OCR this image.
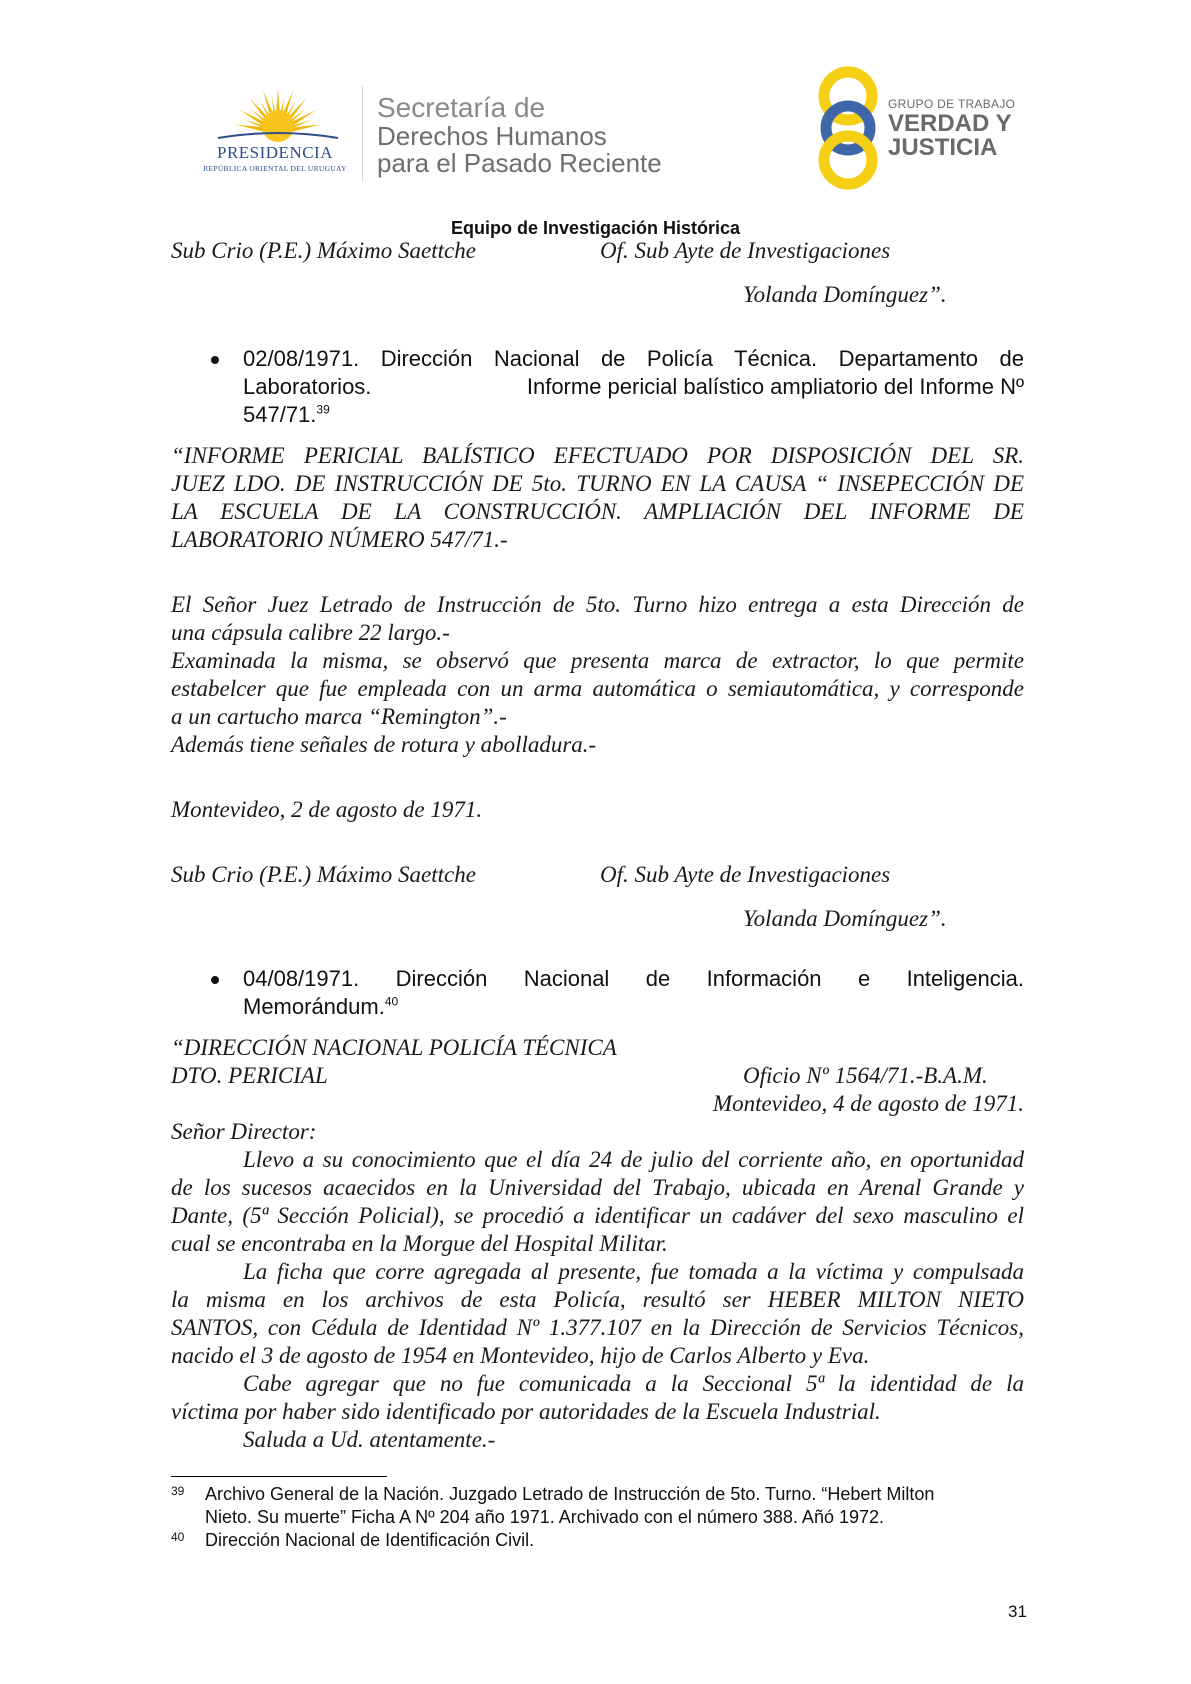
PRESIDENCIA
REPÚBLICA ORIENTAL DEL URUGUAY
Secretaría de
Derechos Humanos
para el Pasado Reciente
GRUPO DE TRABAJO
VERDAD Y
JUSTICIA
Equipo de Investigación Histórica
Sub Crio (P.E.) Máximo Saettche	Of. Sub Ayte de Investigaciones
Yolanda Domínguez”.
02/08/1971. Dirección Nacional de Policía Técnica. Departamento de
Laboratorios.	Informe pericial balístico ampliatorio del Informe Nº
547/71.39
“INFORME PERICIAL BALÍSTICO EFECTUADO POR DISPOSICIÓN DEL SR.
JUEZ LDO. DE INSTRUCCIÓN DE 5to. TURNO EN LA CAUSA “ INSEPECCIÓN DE
LA ESCUELA DE LA CONSTRUCCIÓN. AMPLIACIÓN DEL INFORME DE
LABORATORIO NÚMERO 547/71.-
El Señor Juez Letrado de Instrucción de 5to. Turno hizo entrega a esta Dirección de
una cápsula calibre 22 largo.-
Examinada la misma, se observó que presenta marca de extractor, lo que permite
estabelcer que fue empleada con un arma automática o semiautomática, y corresponde
a un cartucho marca “Remington”.-
Además tiene señales de rotura y abolladura.-
Montevideo, 2 de agosto de 1971.
Sub Crio (P.E.) Máximo Saettche	Of. Sub Ayte de Investigaciones
Yolanda Domínguez”.
04/08/1971. Dirección Nacional de Información e Inteligencia.
Memorándum.$^{40}$
“DIRECCIÓN NACIONAL POLICÍA TÉCNICA
DTO. PERICIAL	Oficio Nº 1564/71.-B.A.M.
Montevideo, 4 de agosto de 1971.
Señor Director:
Llevo a su conocimiento que el día 24 de julio del corriente año, en oportunidad
de los sucesos acaecidos en la Universidad del Trabajo, ubicada en Arenal Grande y
Dante, (5ª Sección Policial), se procedió a identificar un cadáver del sexo masculino el
cual se encontraba en la Morgue del Hospital Militar.
La ficha que corre agregada al presente, fue tomada a la víctima y compulsada
la misma en los archivos de esta Policía, resultó ser HEBER MILTON NIETO
SANTOS, con Cédula de Identidad Nº 1.377.107 en la Dirección de Servicios Técnicos,
nacido el 3 de agosto de 1954 en Montevideo, hijo de Carlos Alberto y Eva.
Cabe agregar que no fue comunicada a la Seccional 5ª la identidad de la
víctima por haber sido identificado por autoridades de la Escuela Industrial.
Saluda a Ud. atentamente.-
39 Archivo General de la Nación. Juzgado Letrado de Instrucción de 5to. Turno. “Hebert Milton
Nieto. Su muerte” Ficha A Nº 204 año 1971. Archivado con el número 388. Añó 1972.
40 Dirección Nacional de Identificación Civil.
31
